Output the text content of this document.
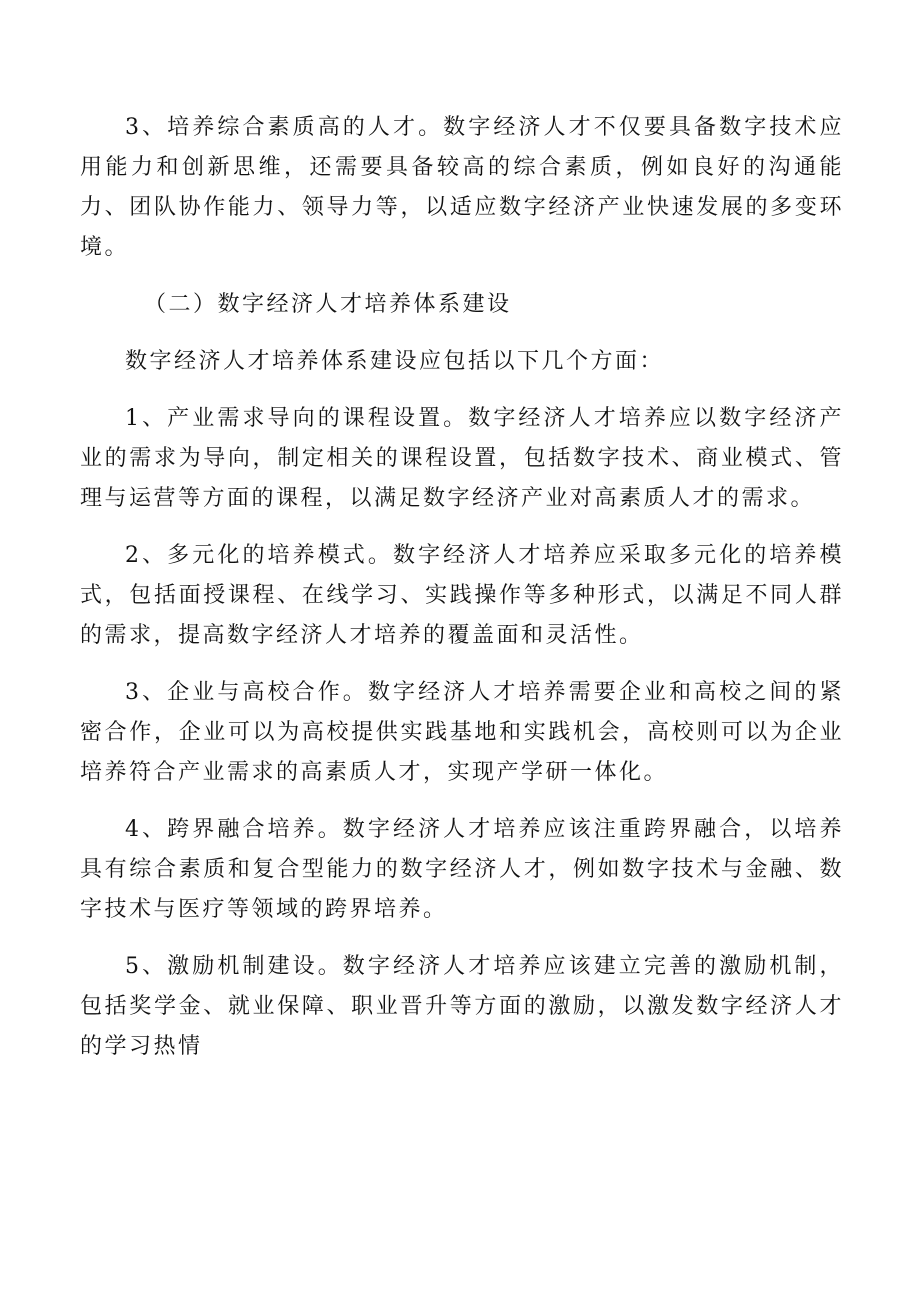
3、培养综合素质高的人才。数字经济人才不仅要具备数字技术应用能力和创新思维，还需要具备较高的综合素质，例如良好的沟通能力、团队协作能力、领导力等，以适应数字经济产业快速发展的多变环境。

（二）数字经济人才培养体系建设

数字经济人才培养体系建设应包括以下几个方面：

1、产业需求导向的课程设置。数字经济人才培养应以数字经济产业的需求为导向，制定相关的课程设置，包括数字技术、商业模式、管理与运营等方面的课程，以满足数字经济产业对高素质人才的需求。

2、多元化的培养模式。数字经济人才培养应采取多元化的培养模式，包括面授课程、在线学习、实践操作等多种形式，以满足不同人群的需求，提高数字经济人才培养的覆盖面和灵活性。

3、企业与高校合作。数字经济人才培养需要企业和高校之间的紧密合作，企业可以为高校提供实践基地和实践机会，高校则可以为企业培养符合产业需求的高素质人才，实现产学研一体化。

4、跨界融合培养。数字经济人才培养应该注重跨界融合，以培养具有综合素质和复合型能力的数字经济人才，例如数字技术与金融、数字技术与医疗等领域的跨界培养。

5、激励机制建设。数字经济人才培养应该建立完善的激励机制，包括奖学金、就业保障、职业晋升等方面的激励，以激发数字经济人才的学习热情
